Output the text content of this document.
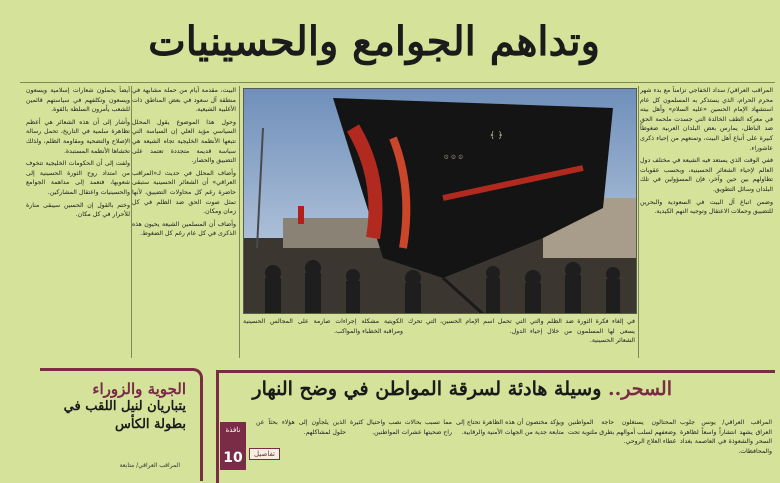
وتداهم الجوامع والحسينيات

المراقب العراقي/ سداد الخفاجي تزامناً مع بدء شهر محرم الحرام، الذي يستذكر به المسلمون كل عام استشهاد الإمام الحسين «عليه السلام» وأهل بيته في معركة الطف الخالدة التي جسدت ملحمة الحق ضد الباطل، يمارس بعض البلدان العربية ضغوطاً كبيرة على أتباع أهل البيت، وتمنعهم من إحياء ذكرى عاشوراء.

ففي الوقت الذي يستعد فيه الشيعة في مختلف دول العالم لإحياء الشعائر الحسينية، وبحسب عقوبات تطاولهم بين حين وآخر، فإن المسؤولين في تلك البلدان وسائل التطويق.

وضمن اتباع آل البيت في السعودية والبحرين للتضييق وحملات الاعتقال وتوجيه التهم الكيدية.

﴿ ﴾
۞ ۞ ۞

البيت، مقدمة أيام من حملة مشابهة في منطقة آل سعود في بعض المناطق ذات الأغلبية الشيعية.

وحول هذا الموضوع يقول المحلل السياسي مؤيد العلي إن السياسة التي تتبعها الأنظمة الخليجية تجاه الشيعة هي سياسة قديمة متجددة تعتمد على التضييق والحصار.

وأضاف المحلل في حديث لـ«المراقب العراقي» أن الشعائر الحسينية ستبقى حاضرة رغم كل محاولات التضييق، لأنها تمثل صوت الحق ضد الظلم في كل زمان ومكان.

وأضاف أن المسلمين الشيعة يحيون هذه الذكرى في كل عام رغم كل الضغوط.

أيضاً يحملون شعارات إسلامية ويسعون ويسعون وتكلفهم في سياستهم قائمين للشعب يأمرون السلطة بالقوة.

وأشار إلى أن هذه الشعائر هي أعظم تظاهرة سلمية في التاريخ، تحمل رسالة الإصلاح والتضحية ومقاومة الظلم، ولذلك تخشاها الأنظمة المستبدة.

ولفت إلى أن الحكومات الخليجية تتخوف من امتداد روح الثورة الحسينية إلى شعوبها، فتعمد إلى مداهمة الجوامع والحسينيات واعتقال المشاركين.

وختم بالقول إن الحسين سيبقى منارة للأحرار في كل مكان.

في إلغاء فكرة الثورة ضد الظلم والتي يسعى لها المسلمون من خلال إحياء الشعائر الحسينية.
التي تحمل اسم الإمام الحسين، التي تحرك الدول.
الكويتية مشكلة إجراءات صارمة على المجالس الحسينية ومراقبة الخطباء والمواكب.
الجوية والزوراء
يتباريان لنيل اللقب في بطولة الكأس
المراقب العراقي/ متابعة
السحر.. وسيلة هادئة لسرقة المواطن في وضح النهار
المراقب العراقي/ يونس جلوب العراق يشهد انتشاراً واسعاً لظاهرة السحر والشعوذة في العاصمة بغداد والمحافظات.
المحتالون يستغلون حاجة المواطنين وضعفهم لسلب أموالهم بطرق ملتوية تحت غطاء العلاج الروحي.
ويؤكد مختصون أن هذه الظاهرة تحتاج إلى متابعة جدية من الجهات الأمنية والرقابية.
مما تسبب بحالات نصب واحتيال كثيرة راح ضحيتها عشرات المواطنين.
الذين يلجأون إلى هؤلاء بحثاً عن حلول لمشاكلهم.
تفاصيل
نافذة
10
